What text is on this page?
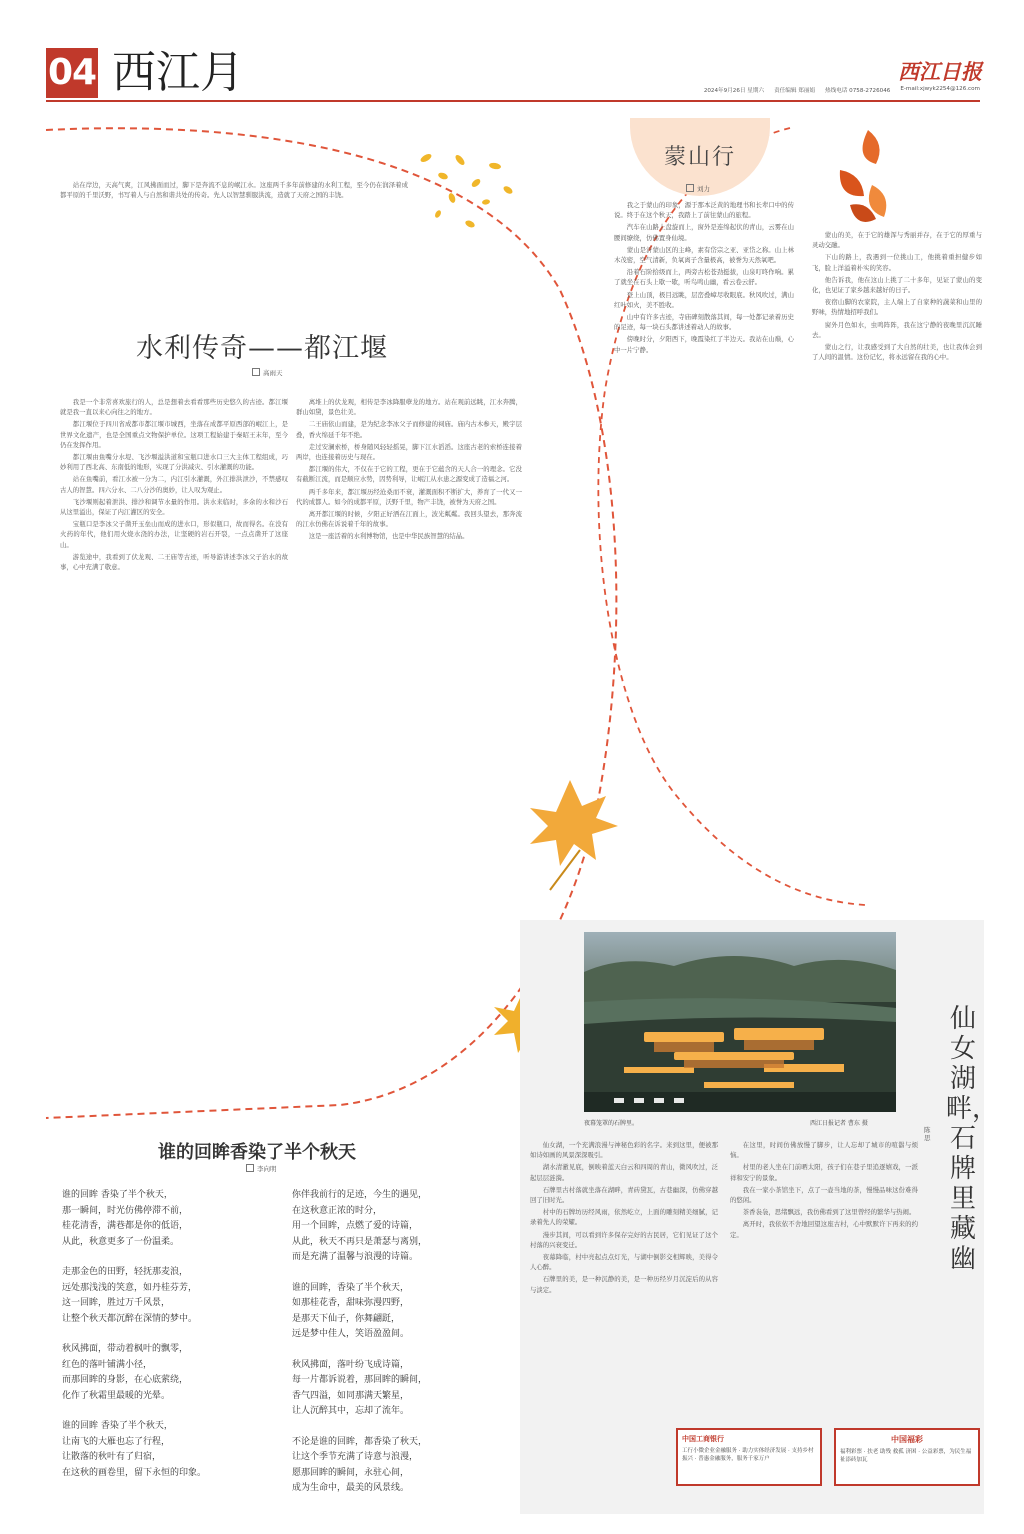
04 西江月	西江日报
2024年9月26日 星期六 责任编辑 郑丽娟 热线电话 0758-2726046 E-mail:xjwyk2254@126.com

站在岸边，天高气爽，江风拂面而过，脚下是奔流不息的岷江水。这座两千多年前修建的水利工程，至今仍在润泽着成都平原的千里沃野，书写着人与自然和谐共处的传奇。先人以智慧驯服洪流，造就了天府之国的丰饶。

水利传奇——都江堰
高雨天

我是一个非常喜欢旅行的人，总是想着去看看那些历史悠久的古迹。都江堰就是我一直以来心向往之的地方。

都江堰位于四川省成都市都江堰市城西，坐落在成都平原西部的岷江上，是世界文化遗产，也是全国重点文物保护单位。这项工程始建于秦昭王末年，至今仍在发挥作用。

都江堰由鱼嘴分水堤、飞沙堰溢洪道和宝瓶口进水口三大主体工程组成，巧妙利用了西北高、东南低的地形，实现了分洪减灾、引水灌溉的功能。

站在鱼嘴前，看江水被一分为二，内江引水灌溉，外江排洪泄沙，不禁感叹古人的智慧。四六分水、二八分沙的奥妙，让人叹为观止。

飞沙堰则起着泄洪、排沙和调节水量的作用。洪水来临时，多余的水和沙石从这里溢出，保证了内江灌区的安全。

宝瓶口是李冰父子凿开玉垒山而成的进水口，形似瓶口，故而得名。在没有火药的年代，他们用火烧水浇的办法，让坚硬的岩石开裂，一点点凿开了这座山。

游览途中，我看到了伏龙观、二王庙等古迹，听导游讲述李冰父子治水的故事，心中充满了敬意。

离堆上的伏龙观，相传是李冰降服孽龙的地方。站在观前远眺，江水奔腾，群山如黛，景色壮美。

二王庙依山而建，是为纪念李冰父子而修建的祠庙。庙内古木参天，殿宇层叠，香火绵延千年不绝。

走过安澜索桥，桥身随风轻轻摇晃，脚下江水滔滔。这座古老的索桥连接着两岸，也连接着历史与现在。

都江堰的伟大，不仅在于它的工程，更在于它蕴含的天人合一的理念。它没有截断江流，而是顺应水势，因势利导，让岷江从水患之源变成了造福之河。

两千多年来，都江堰历经沧桑而不衰，灌溉面积不断扩大，养育了一代又一代的成都人。如今的成都平原，沃野千里，物产丰饶，被誉为天府之国。

离开都江堰的时候，夕阳正好洒在江面上，波光粼粼。我回头望去，那奔流的江水仿佛在诉说着千年的故事。

这是一座活着的水利博物馆，也是中华民族智慧的结晶。

蒙山行
刘力

我之于蒙山的印象，源于那本泛黄的地理书和长辈口中的传说。终于在这个秋天，我踏上了前往蒙山的旅程。

汽车在山路上盘旋而上，窗外是连绵起伏的青山，云雾在山腰间缭绕，仿佛置身仙境。

蒙山是沂蒙山区的主峰，素有岱宗之亚、亚岱之称。山上林木茂密，空气清新，负氧离子含量极高，被誉为天然氧吧。

沿着石阶拾级而上，两旁古松苍劲挺拔，山泉叮咚作响。累了就坐在石头上歇一歇，听鸟鸣山幽，看云卷云舒。

登上山顶，极目远眺，层峦叠嶂尽收眼底。秋风吹过，满山红叶如火，美不胜收。

山中有许多古迹，寺庙碑刻散落其间，每一处都记录着历史的足迹，每一块石头都讲述着动人的故事。

傍晚时分，夕阳西下，晚霞染红了半边天。我站在山巅，心中一片宁静。

蒙山的美，在于它的雄浑与秀丽并存，在于它的厚重与灵动交融。

下山的路上，我遇到一位挑山工，他挑着重担健步如飞，脸上洋溢着朴实的笑容。

他告诉我，他在这山上挑了二十多年，见证了蒙山的变化，也见证了家乡越来越好的日子。

夜宿山脚的农家院，主人端上了自家种的蔬菜和山里的野味，热情地招呼我们。

窗外月色如水，虫鸣阵阵，我在这宁静的夜晚里沉沉睡去。

蒙山之行，让我感受到了大自然的壮美，也让我体会到了人间的温情。这份记忆，将永远留在我的心中。

夜幕笼罩的石牌里。	西江日报记者 曹东 摄
仙女湖畔，
石牌里藏幽
陈思

仙女湖，一个充满浪漫与神秘色彩的名字。来到这里，便被那如诗如画的风景深深吸引。

湖水清澈见底，倒映着蓝天白云和四周的青山，微风吹过，泛起层层涟漪。

石牌里古村落就坐落在湖畔，青砖黛瓦，古巷幽深，仿佛穿越回了旧时光。

村中的石牌坊历经风雨，依然屹立，上面的雕刻精美细腻，记录着先人的荣耀。

漫步其间，可以看到许多保存完好的古民居，它们见证了这个村落的兴衰变迁。

夜幕降临，村中亮起点点灯光，与湖中倒影交相辉映，美得令人心醉。

石牌里的美，是一种沉静的美，是一种历经岁月沉淀后的从容与淡定。

在这里，时间仿佛放慢了脚步，让人忘却了城市的喧嚣与烦恼。

村里的老人坐在门前晒太阳，孩子们在巷子里追逐嬉戏，一派祥和安宁的景象。

我在一家小茶馆坐下，点了一壶当地的茶，慢慢品味这份难得的悠闲。

茶香袅袅，思绪飘远，我仿佛看到了这里曾经的繁华与热闹。

离开时，我依依不舍地回望这座古村，心中默默许下再来的约定。

中国工商银行
工行小微企业金融服务 · 助力实体经济发展 · 支持乡村振兴 · 普惠金融服务，服务千家万户
中国福彩
福利彩票 · 扶老 助残 救孤 济困 · 公益彩票，为民生福祉添砖加瓦
谁的回眸香染了半个秋天
李向明

谁的回眸 香染了半个秋天，

那一瞬间，时光仿佛停滞不前，

桂花清香，满巷都是你的低语，

从此，秋意更多了一份温柔。

走那金色的田野，轻抚那麦浪，

远处那浅浅的笑意，如丹桂芬芳，

这一回眸，胜过万千风景，

让整个秋天都沉醉在深情的梦中。

秋风拂面，带动着枫叶的飘零，

红色的落叶铺满小径，

而那回眸的身影，在心底萦绕，

化作了秋霜里最暖的光晕。

谁的回眸 香染了半个秋天，

让南飞的大雁也忘了行程，

让散落的秋叶有了归宿，

在这秋的画卷里，留下永恒的印象。

你伴我前行的足迹，今生的遇见，

在这秋意正浓的时分，

用一个回眸，点燃了爱的诗篇，

从此，秋天不再只是萧瑟与离别，

而是充满了温馨与浪漫的诗篇。

谁的回眸，香染了半个秋天，

如那桂花香，甜味弥漫四野，

是那天下仙子，你舞翩跹，

远是梦中佳人，笑语盈盈间。

秋风拂面，落叶纷飞成诗篇，

每一片都诉说着，那回眸的瞬间，

香气四溢，如同那满天繁星，

让人沉醉其中，忘却了流年。

不论是谁的回眸，都香染了秋天，

让这个季节充满了诗意与浪漫，

愿那回眸的瞬间，永驻心间，

成为生命中，最美的风景线。
